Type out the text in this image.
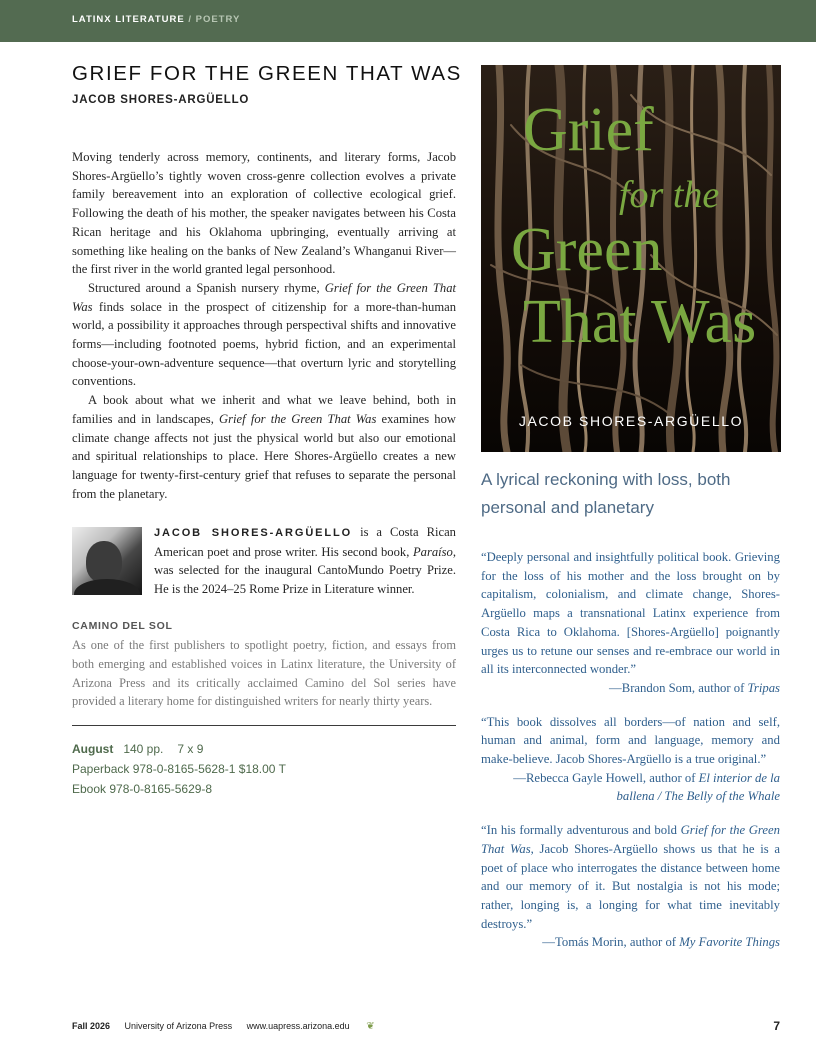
LATINX LITERATURE / POETRY
GRIEF FOR THE GREEN THAT WAS
JACOB SHORES-ARGÜELLO

Moving tenderly across memory, continents, and literary forms, Jacob Shores-Argüello’s tightly woven cross-genre collection evolves a private family bereavement into an exploration of collective ecological grief. Following the death of his mother, the speaker navigates between his Costa Rican heritage and his Oklahoma upbringing, eventually arriving at something like healing on the banks of New Zealand’s Whanganui River—the first river in the world granted legal personhood.

Structured around a Spanish nursery rhyme, Grief for the Green That Was finds solace in the prospect of citizenship for a more-than-human world, a possibility it approaches through perspectival shifts and innovative forms—including footnoted poems, hybrid fiction, and an experimental choose-your-own-adventure sequence—that overturn lyric and storytelling conventions.

A book about what we inherit and what we leave behind, both in families and in landscapes, Grief for the Green That Was examines how climate change affects not just the physical world but also our emotional and spiritual relationships to place. Here Shores-Argüello creates a new language for twenty-first-century grief that refuses to separate the personal from the planetary.

JACOB SHORES-ARGÜELLO is a Costa Rican American poet and prose writer. His second book, Paraíso, was selected for the inaugural CantoMundo Poetry Prize. He is the 2024–25 Rome Prize in Literature winner.
CAMINO DEL SOL
As one of the first publishers to spotlight poetry, fiction, and essays from both emerging and established voices in Latinx literature, the University of Arizona Press and its critically acclaimed Camino del Sol series have provided a literary home for distinguished writers for nearly thirty years.
August 140 pp. 7 x 9
Paperback 978-0-8165-5628-1 $18.00 T
Ebook 978-0-8165-5629-8
Grief
for the
Green
That Was
JACOB SHORES-ARGÜELLO
A lyrical reckoning with loss, both personal and planetary

“Deeply personal and insightfully political book. Grieving for the loss of his mother and the loss brought on by capitalism, colonialism, and climate change, Shores-Argüello maps a transnational Latinx experience from Costa Rica to Oklahoma. [Shores-Argüello] poignantly urges us to retune our senses and re-embrace our world in all its interconnected wonder.”

—Brandon Som, author of Tripas

“This book dissolves all borders—of nation and self, human and animal, form and language, memory and make-believe. Jacob Shores-Argüello is a true original.”

—Rebecca Gayle Howell, author of El interior de la ballena / The Belly of the Whale

“In his formally adventurous and bold Grief for the Green That Was, Jacob Shores-Argüello shows us that he is a poet of place who interrogates the distance between home and our memory of it. But nostalgia is not his mode; rather, longing is, a longing for what time inevitably destroys.”

—Tomás Morin, author of My Favorite Things

Fall 2026 University of Arizona Press www.uapress.arizona.edu ❦	7
